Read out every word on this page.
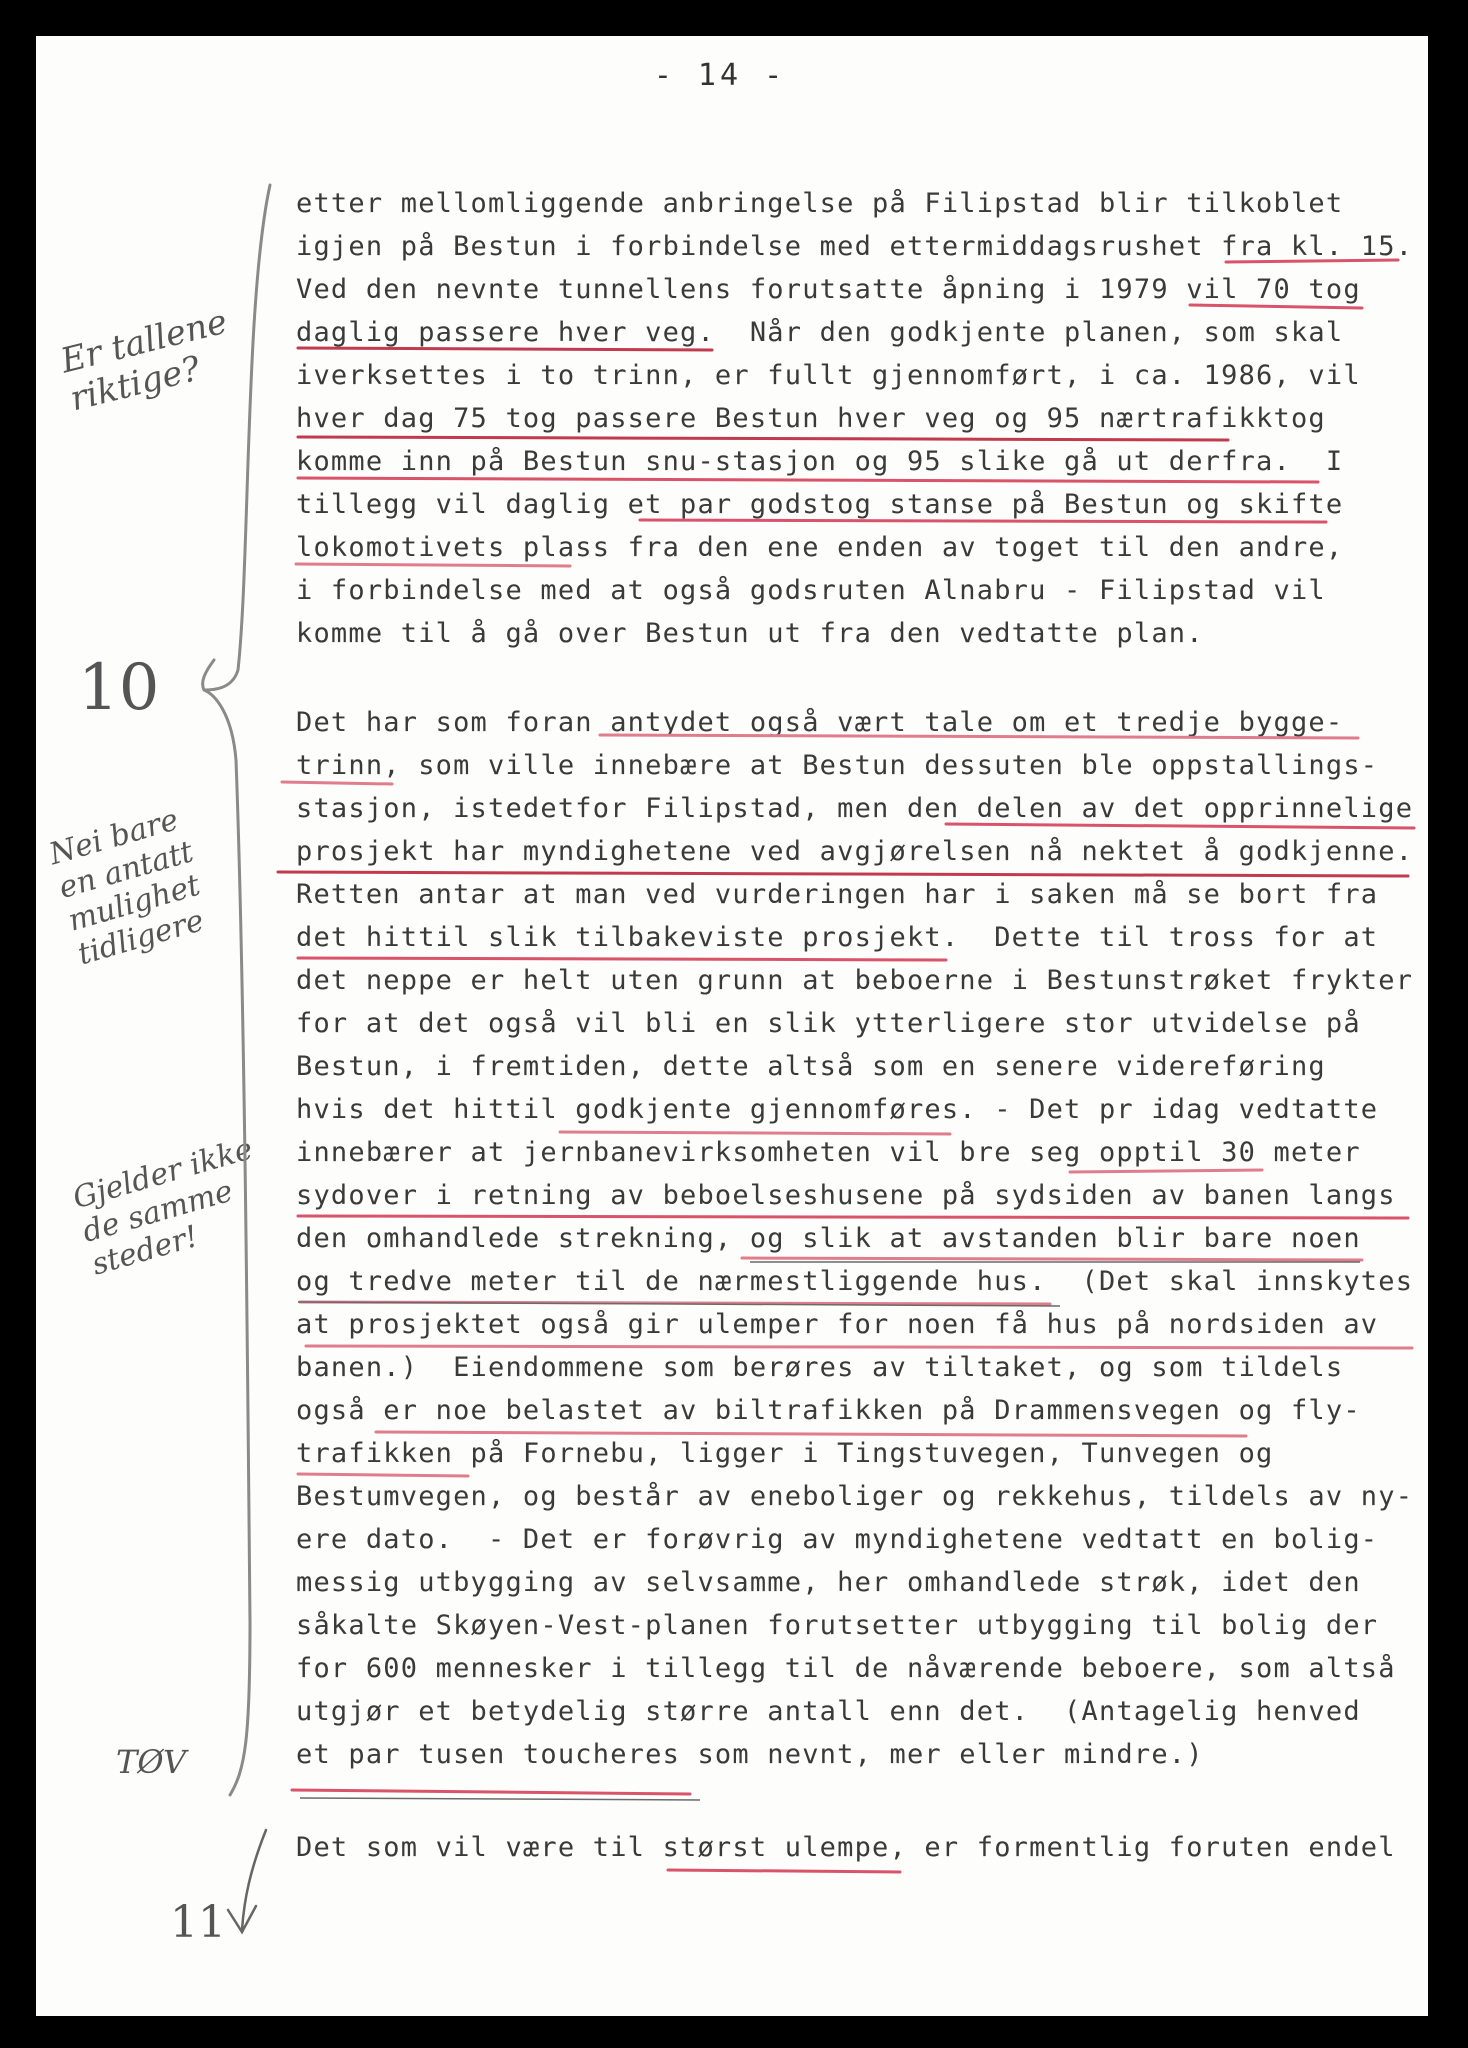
- 14 -
etter mellomliggende anbringelse på Filipstad blir tilkoblet
igjen på Bestun i forbindelse med ettermiddagsrushet fra kl. 15.
Ved den nevnte tunnellens forutsatte åpning i 1979 vil 70 tog
daglig passere hver veg.  Når den godkjente planen, som skal
iverksettes i to trinn, er fullt gjennomført, i ca. 1986, vil
hver dag 75 tog passere Bestun hver veg og 95 nærtrafikktog
komme inn på Bestun snu-stasjon og 95 slike gå ut derfra.  I
tillegg vil daglig et par godstog stanse på Bestun og skifte
lokomotivets plass fra den ene enden av toget til den andre,
i forbindelse med at også godsruten Alnabru - Filipstad vil
komme til å gå over Bestun ut fra den vedtatte plan.
Det har som foran antydet også vært tale om et tredje bygge-
trinn, som ville innebære at Bestun dessuten ble oppstallings-
stasjon, istedetfor Filipstad, men den delen av det opprinnelige
prosjekt har myndighetene ved avgjørelsen nå nektet å godkjenne.
Retten antar at man ved vurderingen har i saken må se bort fra
det hittil slik tilbakeviste prosjekt.  Dette til tross for at
det neppe er helt uten grunn at beboerne i Bestunstrøket frykter
for at det også vil bli en slik ytterligere stor utvidelse på
Bestun, i fremtiden, dette altså som en senere videreføring
hvis det hittil godkjente gjennomføres. - Det pr idag vedtatte
innebærer at jernbanevirksomheten vil bre seg opptil 30 meter
sydover i retning av beboelseshusene på sydsiden av banen langs
den omhandlede strekning, og slik at avstanden blir bare noen
og tredve meter til de nærmestliggende hus.  (Det skal innskytes
at prosjektet også gir ulemper for noen få hus på nordsiden av
banen.)  Eiendommene som berøres av tiltaket, og som tildels
også er noe belastet av biltrafikken på Drammensvegen og fly-
trafikken på Fornebu, ligger i Tingstuvegen, Tunvegen og
Bestumvegen, og består av eneboliger og rekkehus, tildels av ny-
ere dato.  - Det er forøvrig av myndighetene vedtatt en bolig-
messig utbygging av selvsamme, her omhandlede strøk, idet den
såkalte Skøyen-Vest-planen forutsetter utbygging til bolig der
for 600 mennesker i tillegg til de nåværende beboere, som altså
utgjør et betydelig større antall enn det.  (Antagelig henved
et par tusen toucheres som nevnt, mer eller mindre.)
Det som vil være til størst ulempe, er formentlig foruten endel
Er tallene
riktige?
10
Nei bare
en antatt
mulighet
tidligere
Gjelder ikke
de samme
steder!
TØV
11
